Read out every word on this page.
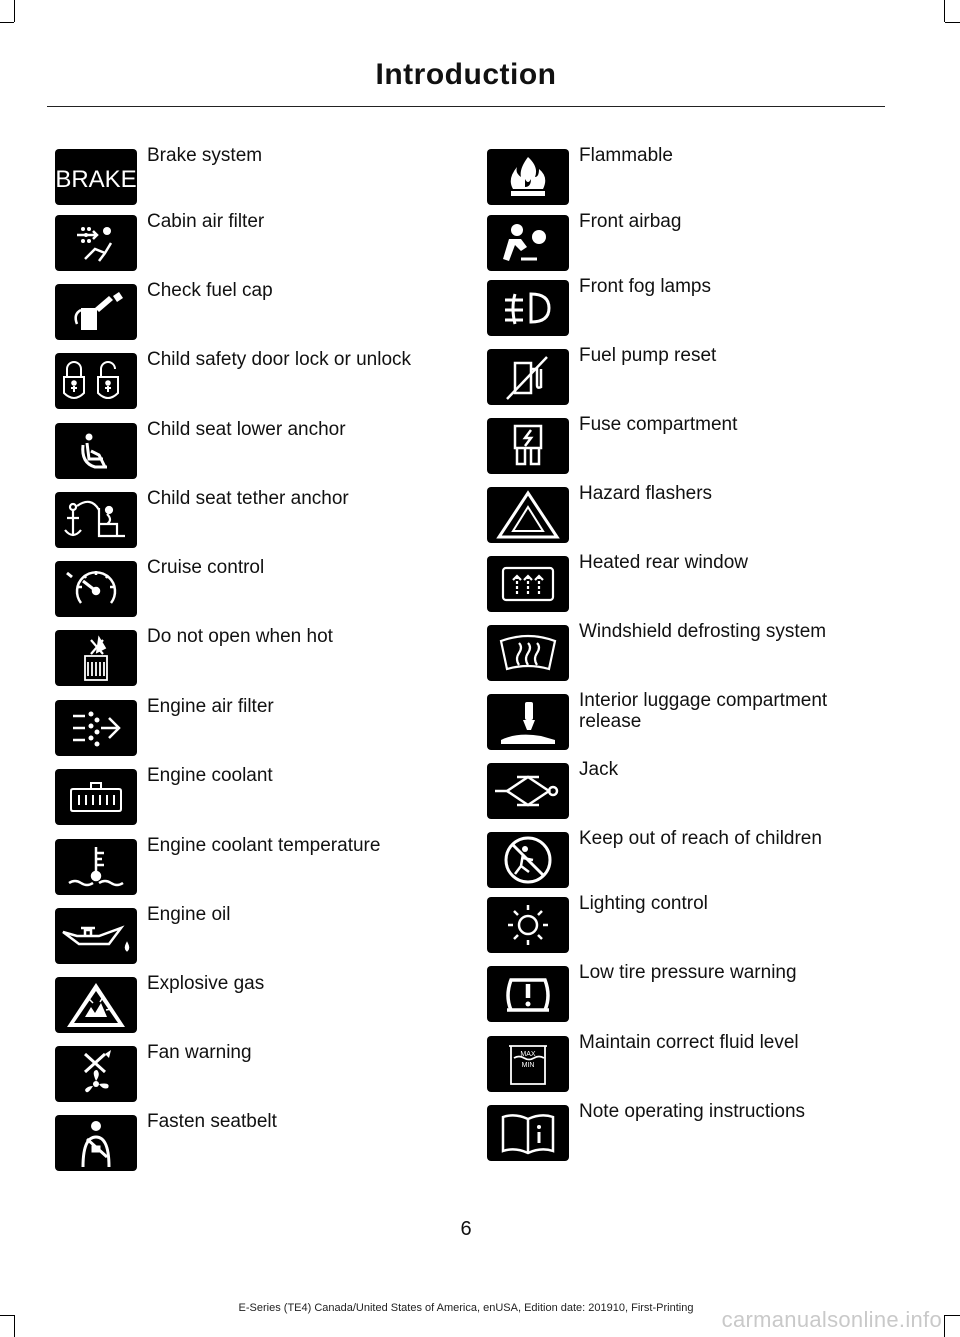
Introduction
BRAKE
Brake system
Cabin air filter
Check fuel cap
Child safety door lock or unlock
Child seat lower anchor
Child seat tether anchor
Cruise control
Do not open when hot
Engine air filter
Engine coolant
Engine coolant temperature
Engine oil
Explosive gas
Fan warning
Fasten seatbelt
Flammable
Front airbag
Front fog lamps
Fuel pump reset
Fuse compartment
Hazard flashers
Heated rear window
Windshield defrosting system
Interior luggage compartment release
Jack
Keep out of reach of children
Lighting control
Low tire pressure warning
MAX
MIN
Maintain correct fluid level
Note operating instructions
6
E-Series (TE4) Canada/United States of America, enUSA, Edition date: 201910, First-Printing	carmanualsonline.info
